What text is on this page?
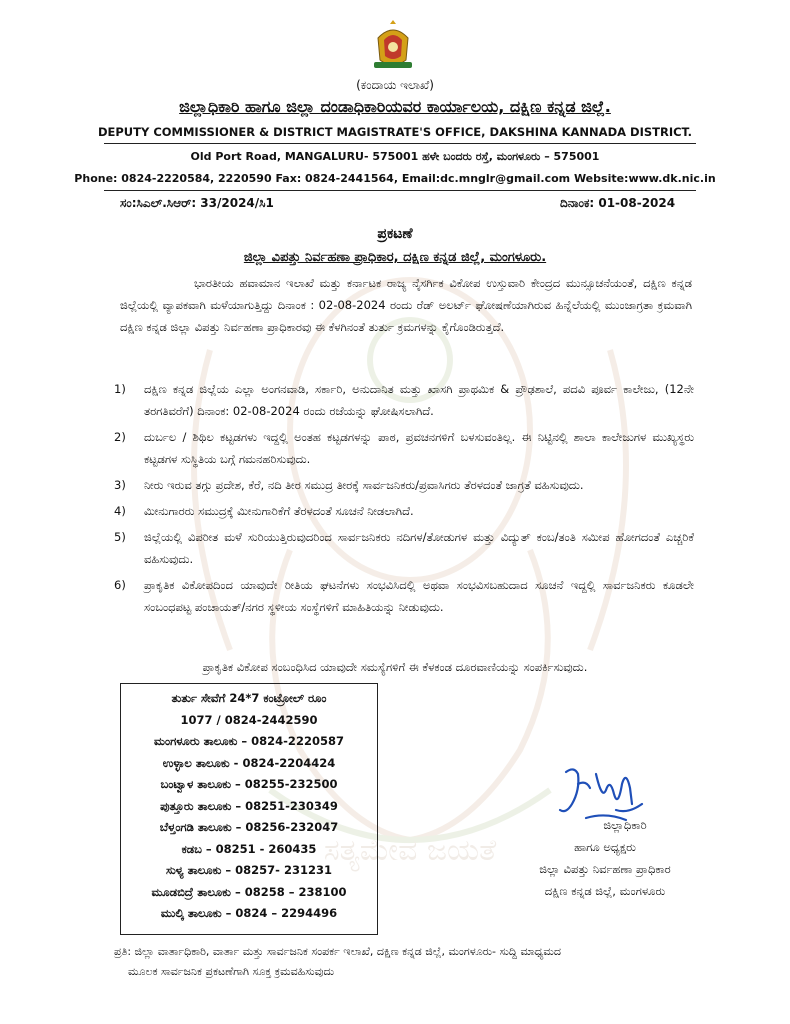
ಸತ್ಯಮೇವ ಜಯತೆ
(ಕಂದಾಯ ಇಲಾಖೆ)
ಜಿಲ್ಲಾಧಿಕಾರಿ ಹಾಗೂ ಜಿಲ್ಲಾ ದಂಡಾಧಿಕಾರಿಯವರ ಕಾರ್ಯಾಲಯ, ದಕ್ಷಿಣ ಕನ್ನಡ ಜಿಲ್ಲೆ.
DEPUTY COMMISSIONER & DISTRICT MAGISTRATE'S OFFICE, DAKSHINA KANNADA DISTRICT.
Old Port Road, MANGALURU- 575001 ಹಳೇ ಬಂದರು ರಸ್ತೆ, ಮಂಗಳೂರು – 575001
Phone: 0824-2220584, 2220590 Fax: 0824-2441564, Email:dc.mnglr@gmail.com Website:www.dk.nic.in
ಸಂ:ಸಿಎಲ್.ಸಿಆರ್: 33/2024/ಸಿ1	ದಿನಾಂಕ: 01-08-2024
ಪ್ರಕಟಣೆ
ಜಿಲ್ಲಾ ವಿಪತ್ತು ನಿರ್ವಹಣಾ ಪ್ರಾಧಿಕಾರ, ದಕ್ಷಿಣ ಕನ್ನಡ ಜಿಲ್ಲೆ, ಮಂಗಳೂರು.
ಭಾರತೀಯ ಹವಾಮಾನ ಇಲಾಖೆ ಮತ್ತು ಕರ್ನಾಟಕ ರಾಜ್ಯ ನೈಸರ್ಗಿಕ ವಿಕೋಪ ಉಸ್ತುವಾರಿ ಕೇಂದ್ರದ ಮುನ್ಸೂಚನೆಯಂತೆ, ದಕ್ಷಿಣ ಕನ್ನಡ ಜಿಲ್ಲೆಯಲ್ಲಿ ವ್ಯಾಪಕವಾಗಿ ಮಳೆಯಾಗುತ್ತಿದ್ದು ದಿನಾಂಕ : 02-08-2024 ರಂದು ರೆಡ್ ಅಲರ್ಟ್ ಘೋಷಣೆಯಾಗಿರುವ ಹಿನ್ನೆಲೆಯಲ್ಲಿ ಮುಂಜಾಗ್ರತಾ ಕ್ರಮವಾಗಿ ದಕ್ಷಿಣ ಕನ್ನಡ ಜಿಲ್ಲಾ ವಿಪತ್ತು ನಿರ್ವಹಣಾ ಪ್ರಾಧಿಕಾರವು ಈ ಕೆಳಗಿನಂತೆ ತುರ್ತು ಕ್ರಮಗಳನ್ನು ಕೈಗೊಂಡಿರುತ್ತದೆ.
1) ದಕ್ಷಿಣ ಕನ್ನಡ ಜಿಲ್ಲೆಯ ಎಲ್ಲಾ ಅಂಗನವಾಡಿ, ಸರ್ಕಾರಿ, ಅನುದಾನಿತ ಮತ್ತು ಖಾಸಗಿ ಪ್ರಾಥಮಿಕ & ಪ್ರೌಢಶಾಲೆ, ಪದವಿ ಪೂರ್ವ ಕಾಲೇಜು, (12ನೇ ತರಗತಿವರೆಗೆ) ದಿನಾಂಕ: 02-08-2024 ರಂದು ರಜೆಯನ್ನು ಘೋಷಿಸಲಾಗಿದೆ.
2) ದುರ್ಬಲ / ಶಿಥಿಲ ಕಟ್ಟಡಗಳು ಇದ್ದಲ್ಲಿ ಅಂತಹ ಕಟ್ಟಡಗಳನ್ನು ಪಾಠ, ಪ್ರವಚನಗಳಿಗೆ ಬಳಸುವಂತಿಲ್ಲ. ಈ ನಿಟ್ಟಿನಲ್ಲಿ ಶಾಲಾ ಕಾಲೇಜುಗಳ ಮುಖ್ಯಸ್ಥರು ಕಟ್ಟಡಗಳ ಸುಸ್ಥಿತಿಯ ಬಗ್ಗೆ ಗಮನಹರಿಸುವುದು.
3) ನೀರು ಇರುವ ತಗ್ಗು ಪ್ರದೇಶ, ಕೆರೆ, ನದಿ ತೀರ ಸಮುದ್ರ ತೀರಕ್ಕೆ ಸಾರ್ವಜನಿಕರು/ಪ್ರವಾಸಿಗರು ತೆರಳದಂತೆ ಜಾಗ್ರತೆ ವಹಿಸುವುದು.
4) ಮೀನುಗಾರರು ಸಮುದ್ರಕ್ಕೆ ಮೀನುಗಾರಿಕೆಗೆ ತೆರಳದಂತೆ ಸೂಚನೆ ನೀಡಲಾಗಿದೆ.
5) ಜಿಲ್ಲೆಯಲ್ಲಿ ವಿಪರೀತ ಮಳೆ ಸುರಿಯುತ್ತಿರುವುದರಿಂದ ಸಾರ್ವಜನಿಕರು ನದಿಗಳ/ತೋಡುಗಳ ಮತ್ತು ವಿದ್ಯುತ್ ಕಂಬ/ತಂತಿ ಸಮೀಪ ಹೋಗದಂತೆ ಎಚ್ಚರಿಕೆ ವಹಿಸುವುದು.
6) ಪ್ರಾಕೃತಿಕ ವಿಕೋಪದಿಂದ ಯಾವುದೇ ರೀತಿಯ ಘಟನೆಗಳು ಸಂಭವಿಸಿದಲ್ಲಿ ಅಥವಾ ಸಂಭವಿಸಬಹುದಾದ ಸೂಚನೆ ಇದ್ದಲ್ಲಿ ಸಾರ್ವಜನಿಕರು ಕೂಡಲೇ ಸಂಬಂಧಪಟ್ಟ ಪಂಚಾಯತ್/ನಗರ ಸ್ಥಳೀಯ ಸಂಸ್ಥೆಗಳಿಗೆ ಮಾಹಿತಿಯನ್ನು ನೀಡುವುದು.
ಪ್ರಾಕೃತಿಕ ವಿಕೋಪ ಸಂಬಂಧಿಸಿದ ಯಾವುದೇ ಸಮಸ್ಯೆಗಳಿಗೆ ಈ ಕೆಳಕಂಡ ದೂರವಾಣಿಯನ್ನು ಸಂಪರ್ಕಿಸುವುದು.
ತುರ್ತು ಸೇವೆಗೆ 24*7 ಕಂಟ್ರೋಲ್ ರೂಂ
1077 / 0824-2442590
ಮಂಗಳೂರು ತಾಲೂಕು – 0824-2220587
ಉಳ್ಳಾಲ ತಾಲೂಕು - 0824-2204424
ಬಂಟ್ವಾಳ ತಾಲೂಕು – 08255-232500
ಪುತ್ತೂರು ತಾಲೂಕು – 08251-230349
ಬೆಳ್ತಂಗಡಿ ತಾಲೂಕು – 08256-232047
ಕಡಬ – 08251 - 260435
ಸುಳ್ಯ ತಾಲೂಕು – 08257- 231231
ಮೂಡಬಿದ್ರೆ ತಾಲೂಕು – 08258 – 238100
ಮುಲ್ಕಿ ತಾಲೂಕು – 0824 – 2294496
ಜಿಲ್ಲಾಧಿಕಾರಿ
ಹಾಗೂ ಅಧ್ಯಕ್ಷರು
ಜಿಲ್ಲಾ ವಿಪತ್ತು ನಿರ್ವಹಣಾ ಪ್ರಾಧಿಕಾರ
ದಕ್ಷಿಣ ಕನ್ನಡ ಜಿಲ್ಲೆ, ಮಂಗಳೂರು
ಪ್ರತಿ: ಜಿಲ್ಲಾ ವಾರ್ತಾಧಿಕಾರಿ, ವಾರ್ತಾ ಮತ್ತು ಸಾರ್ವಜನಿಕ ಸಂಪರ್ಕ ಇಲಾಖೆ, ದಕ್ಷಿಣ ಕನ್ನಡ ಜಿಲ್ಲೆ, ಮಂಗಳೂರು- ಸುದ್ದಿ ಮಾಧ್ಯಮದ
ಮೂಲಕ ಸಾರ್ವಜನಿಕ ಪ್ರಕಟಣೆಗಾಗಿ ಸೂಕ್ತ ಕ್ರಮವಹಿಸುವುದು
